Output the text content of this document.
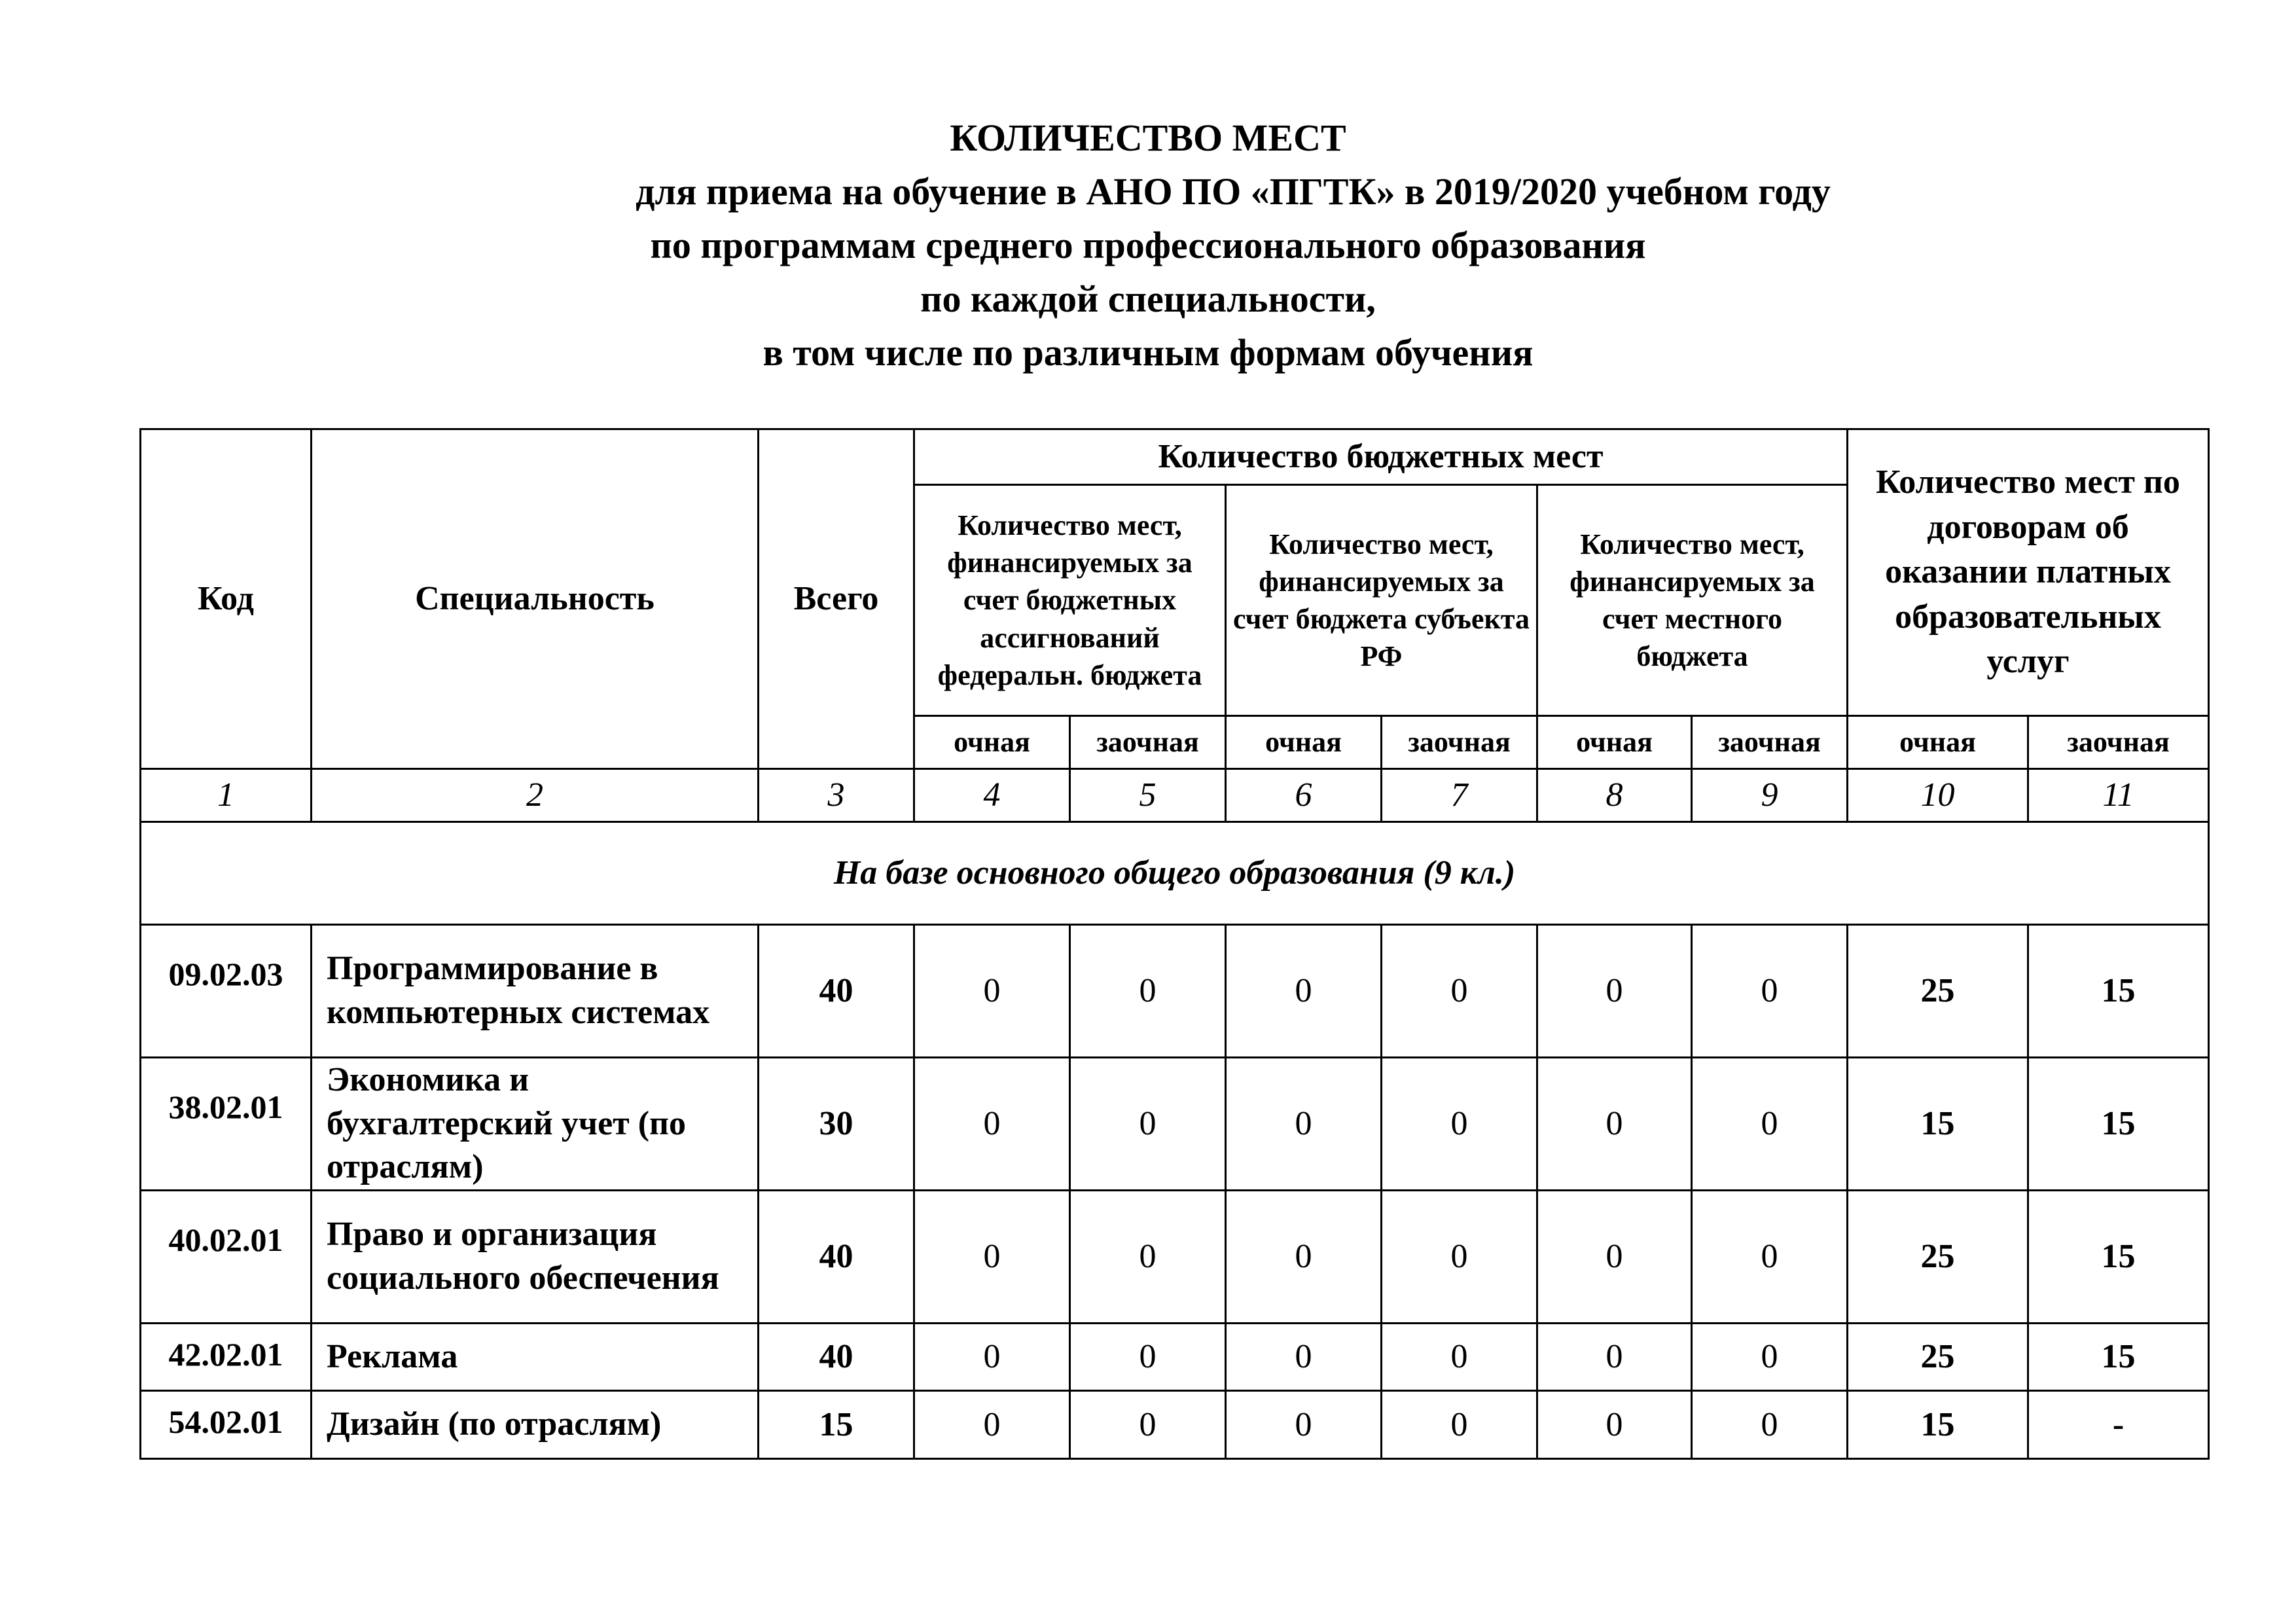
КОЛИЧЕСТВО МЕСТ
для приема на обучение в АНО ПО «ПГТК» в 2019/2020 учебном году
по программам среднего профессионального образования
по каждой специальности,
в том числе по различным формам обучения
Код	Специальность	Всего	Количество бюджетных мест						Количество мест по договорам об оказании платных образовательных услуг	
			Количество мест, финансируемых за счет бюджетных ассигнований федеральн. бюджета		Количество мест, финансируемых за счет бюджета субъекта РФ		Количество мест, финансируемых за счет местного бюджета			
			очная	заочная	очная	заочная	очная	заочная	очная	заочная
1	2	3	4	5	6	7	8	9	10	11
На базе основного общего образования (9 кл.)										
09.02.03	Программирование в компьютерных системах	40	0	0	0	0	0	0	25	15
38.02.01	Экономика и бухгалтерский учет (по отраслям)	30	0	0	0	0	0	0	15	15
40.02.01	Право и организация социального обеспечения	40	0	0	0	0	0	0	25	15
42.02.01	Реклама	40	0	0	0	0	0	0	25	15
54.02.01	Дизайн (по отраслям)	15	0	0	0	0	0	0	15	-
